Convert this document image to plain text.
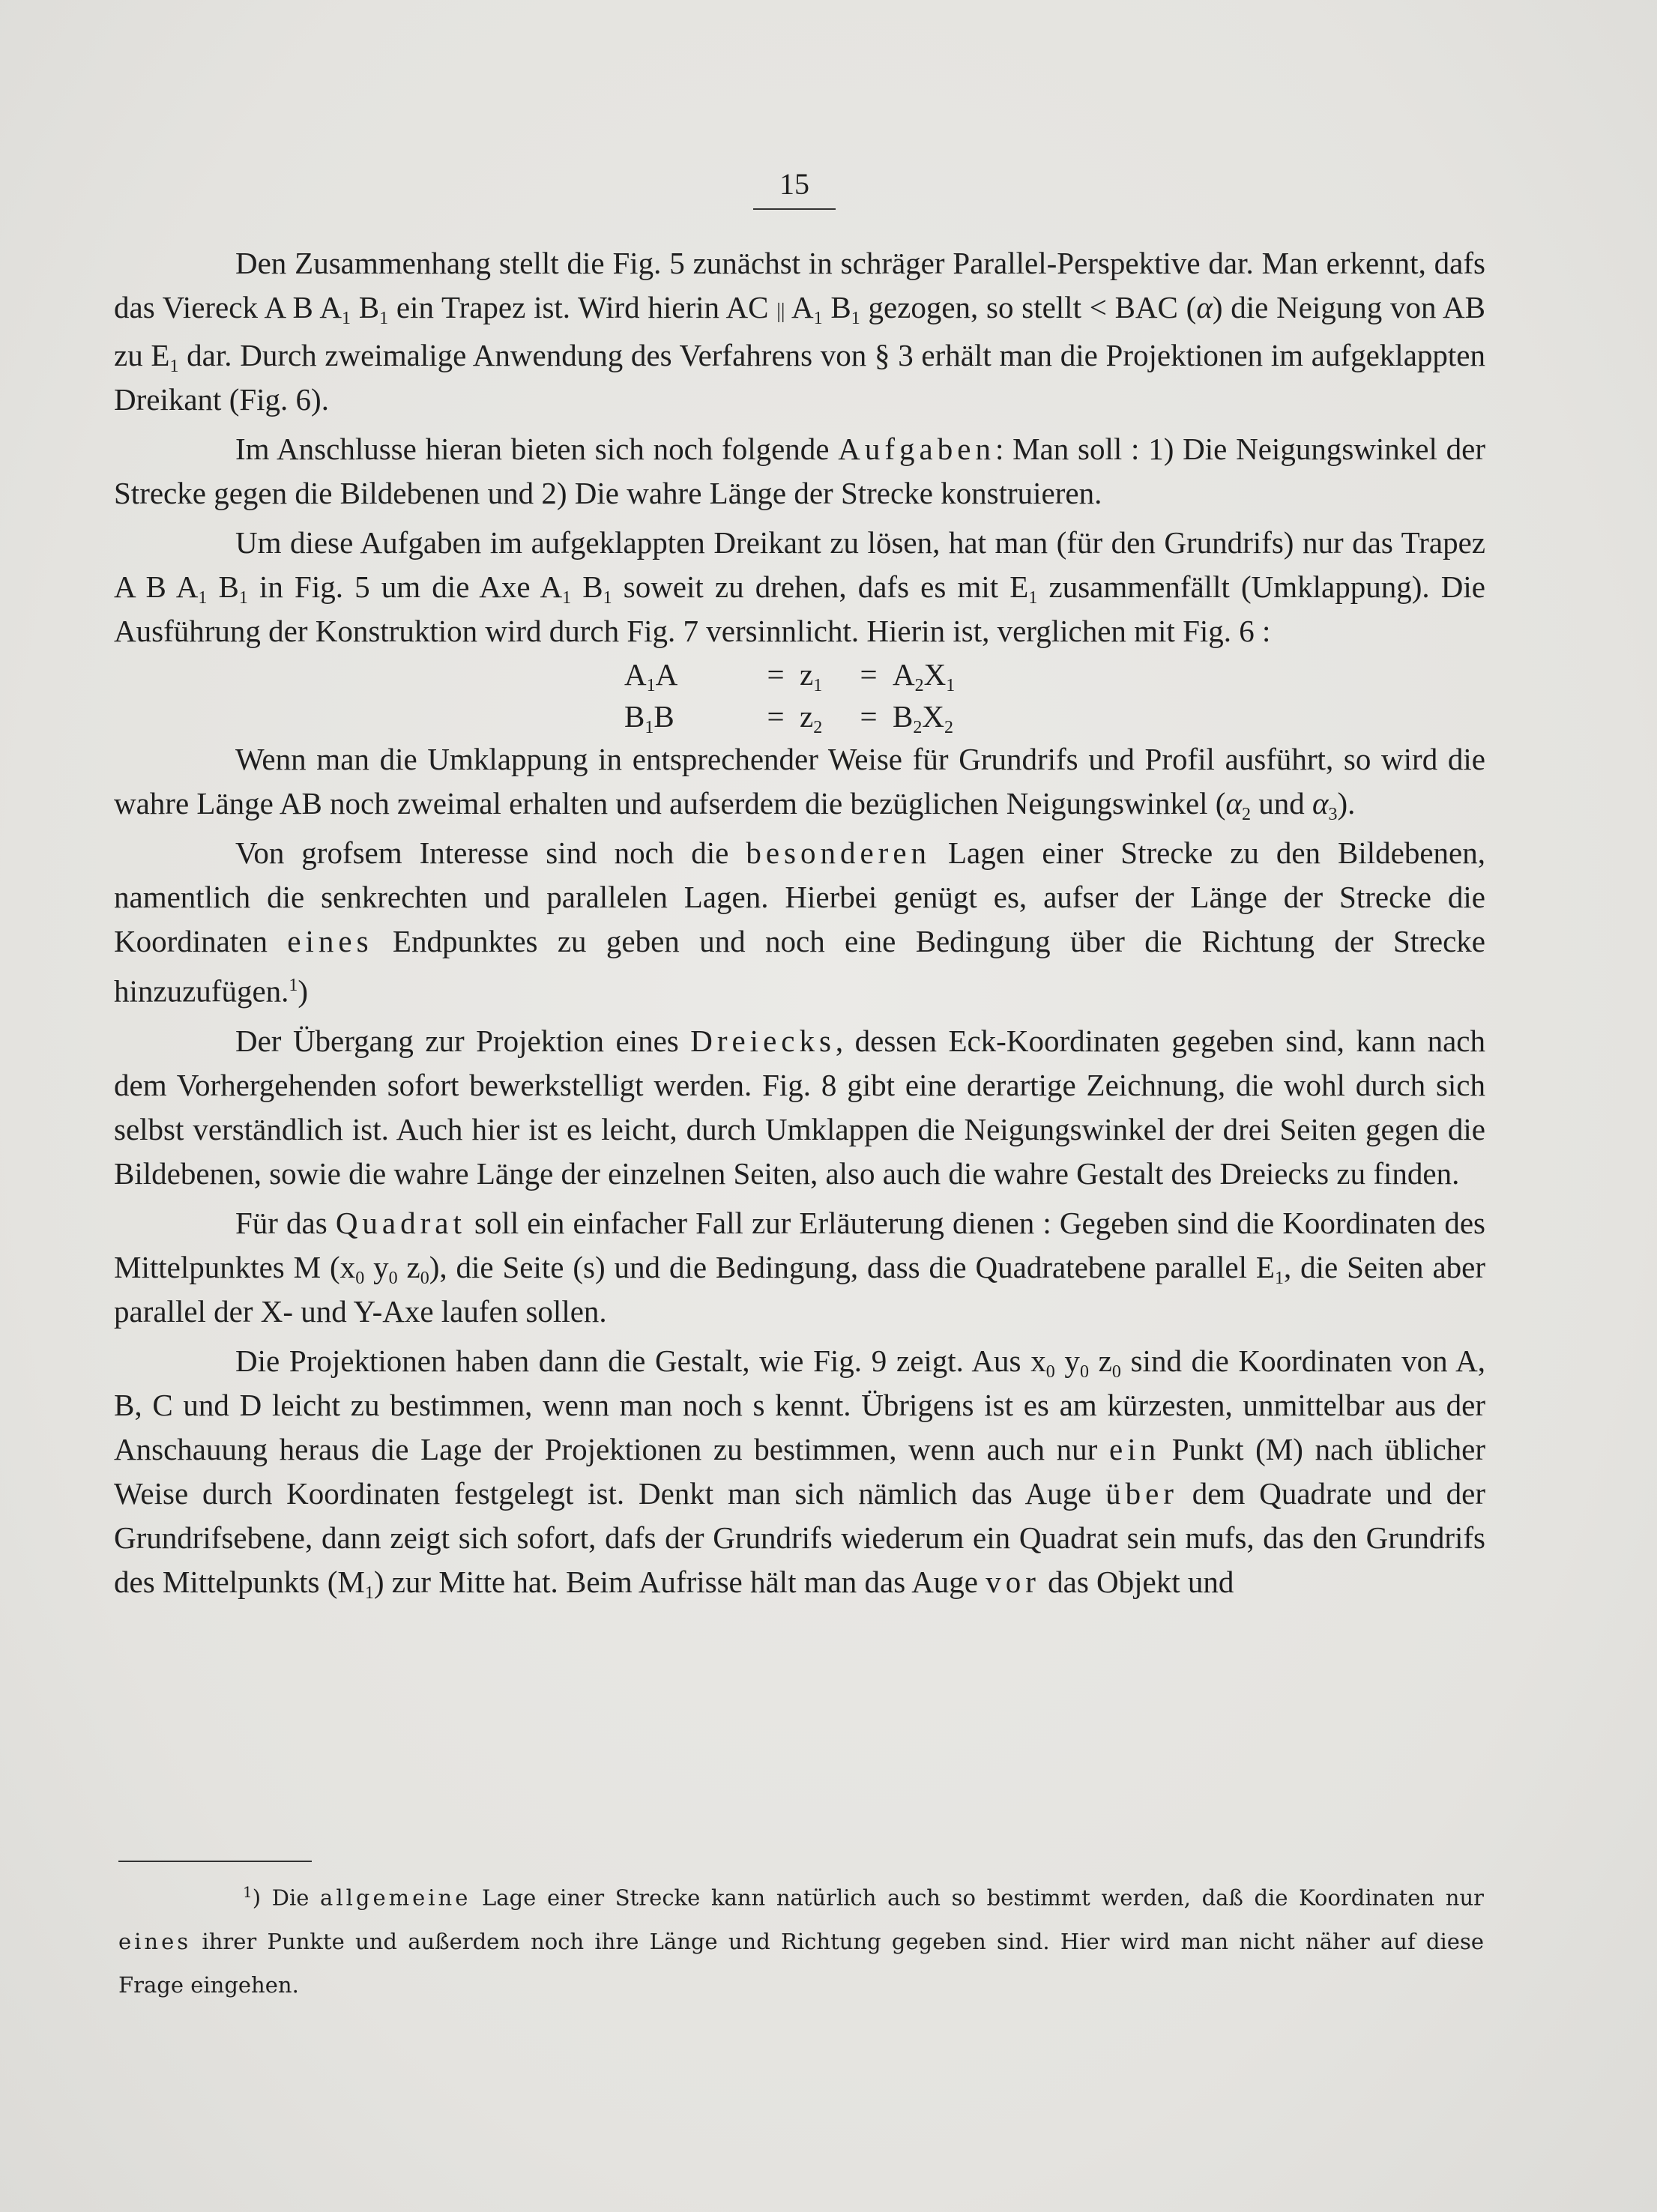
15

Den Zusammenhang stellt die Fig. 5 zunächst in schräger Parallel-Perspektive dar. Man erkennt, dafs das Viereck A B $A_1$ $B_1$ ein Trapez ist. Wird hierin AC || $A_1$ $B_1$ gezogen, so stellt < BAC (α) die Neigung von AB zu $E_1$ dar. Durch zweimalige Anwendung des Verfahrens von § 3 erhält man die Projektionen im aufgeklappten Dreikant (Fig. 6).

Im Anschlusse hieran bieten sich noch folgende Aufgaben: Man soll : 1) Die Neigungswinkel der Strecke gegen die Bildebenen und 2) Die wahre Länge der Strecke konstruieren.

Um diese Aufgaben im aufgeklappten Dreikant zu lösen, hat man (für den Grundrifs) nur das Trapez A B $A_1$ $B_1$ in Fig. 5 um die Axe $A_1$ $B_1$ soweit zu drehen, dafs es mit $E_1$ zusammenfällt (Umklappung). Die Ausführung der Konstruktion wird durch Fig. 7 versinnlicht. Hierin ist, verglichen mit Fig. 6 :

$A_1A$	= $z_1$	= $A_2X_1$
$B_1B$	= $z_2$	= $B_2X_2$

Wenn man die Umklappung in entsprechender Weise für Grundrifs und Profil ausführt, so wird die wahre Länge AB noch zweimal erhalten und aufserdem die bezüglichen Neigungswinkel ($\alpha_2$ und $\alpha_3$).

Von grofsem Interesse sind noch die besonderen Lagen einer Strecke zu den Bildebenen, namentlich die senkrechten und parallelen Lagen. Hierbei genügt es, aufser der Länge der Strecke die Koordinaten eines Endpunktes zu geben und noch eine Bedingung über die Richtung der Strecke hinzuzufügen.$^1$)

Der Übergang zur Projektion eines Dreiecks, dessen Eck-Koordinaten gegeben sind, kann nach dem Vorhergehenden sofort bewerkstelligt werden. Fig. 8 gibt eine derartige Zeichnung, die wohl durch sich selbst verständlich ist. Auch hier ist es leicht, durch Umklappen die Neigungswinkel der drei Seiten gegen die Bildebenen, sowie die wahre Länge der einzelnen Seiten, also auch die wahre Gestalt des Dreiecks zu finden.

Für das Quadrat soll ein einfacher Fall zur Erläuterung dienen : Gegeben sind die Koordinaten des Mittelpunktes M ($x_0$ $y_0$ $z_0$), die Seite (s) und die Bedingung, dass die Quadratebene parallel $E_1$, die Seiten aber parallel der X- und Y-Axe laufen sollen.

Die Projektionen haben dann die Gestalt, wie Fig. 9 zeigt. Aus $x_0$ $y_0$ $z_0$ sind die Koordinaten von A, B, C und D leicht zu bestimmen, wenn man noch s kennt. Übrigens ist es am kürzesten, unmittelbar aus der Anschauung heraus die Lage der Projektionen zu bestimmen, wenn auch nur ein Punkt (M) nach üblicher Weise durch Koordinaten festgelegt ist. Denkt man sich nämlich das Auge über dem Quadrate und der Grundrifsebene, dann zeigt sich sofort, dafs der Grundrifs wiederum ein Quadrat sein mufs, das den Grundrifs des Mittelpunkts $(M_1)$ zur Mitte hat. Beim Aufrisse hält man das Auge vor das Objekt und

$^1$) Die allgemeine Lage einer Strecke kann natürlich auch so bestimmt werden, daß die Koordinaten nur eines ihrer Punkte und außerdem noch ihre Länge und Richtung gegeben sind. Hier wird man nicht näher auf diese Frage eingehen.
